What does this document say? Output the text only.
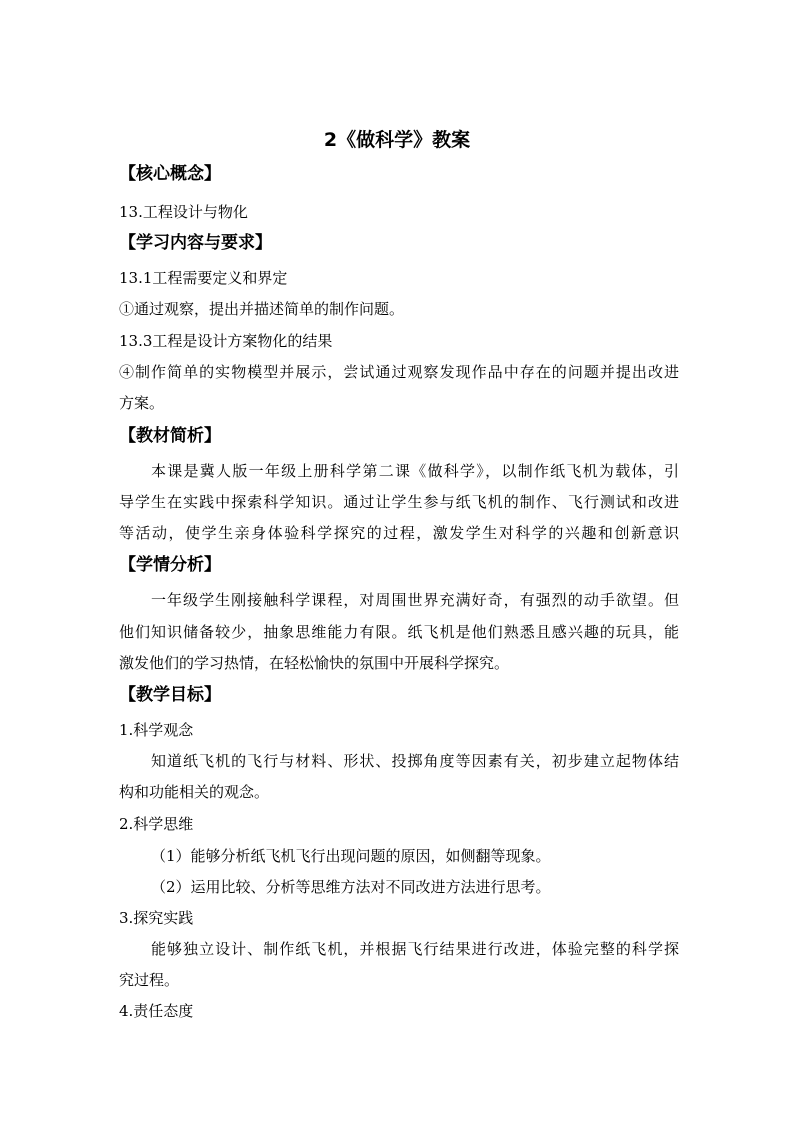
2《做科学》教案
【核心概念】
13.工程设计与物化
【学习内容与要求】
13.1工程需要定义和界定
①通过观察，提出并描述简单的制作问题。
13.3工程是设计方案物化的结果
④制作简单的实物模型并展示，尝试通过观察发现作品中存在的问题并提出改进
方案。
【教材简析】
本课是冀人版一年级上册科学第二课《做科学》，以制作纸飞机为载体，引
导学生在实践中探索科学知识。通过让学生参与纸飞机的制作、飞行测试和改进
等活动，使学生亲身体验科学探究的过程，激发学生对科学的兴趣和创新意识
【学情分析】
一年级学生刚接触科学课程，对周围世界充满好奇，有强烈的动手欲望。但
他们知识储备较少，抽象思维能力有限。纸飞机是他们熟悉且感兴趣的玩具，能
激发他们的学习热情，在轻松愉快的氛围中开展科学探究。
【教学目标】
1.科学观念
知道纸飞机的飞行与材料、形状、投掷角度等因素有关，初步建立起物体结
构和功能相关的观念。
2.科学思维
（1）能够分析纸飞机飞行出现问题的原因，如侧翻等现象。
（2）运用比较、分析等思维方法对不同改进方法进行思考。
3.探究实践
能够独立设计、制作纸飞机，并根据飞行结果进行改进，体验完整的科学探
究过程。
4.责任态度
